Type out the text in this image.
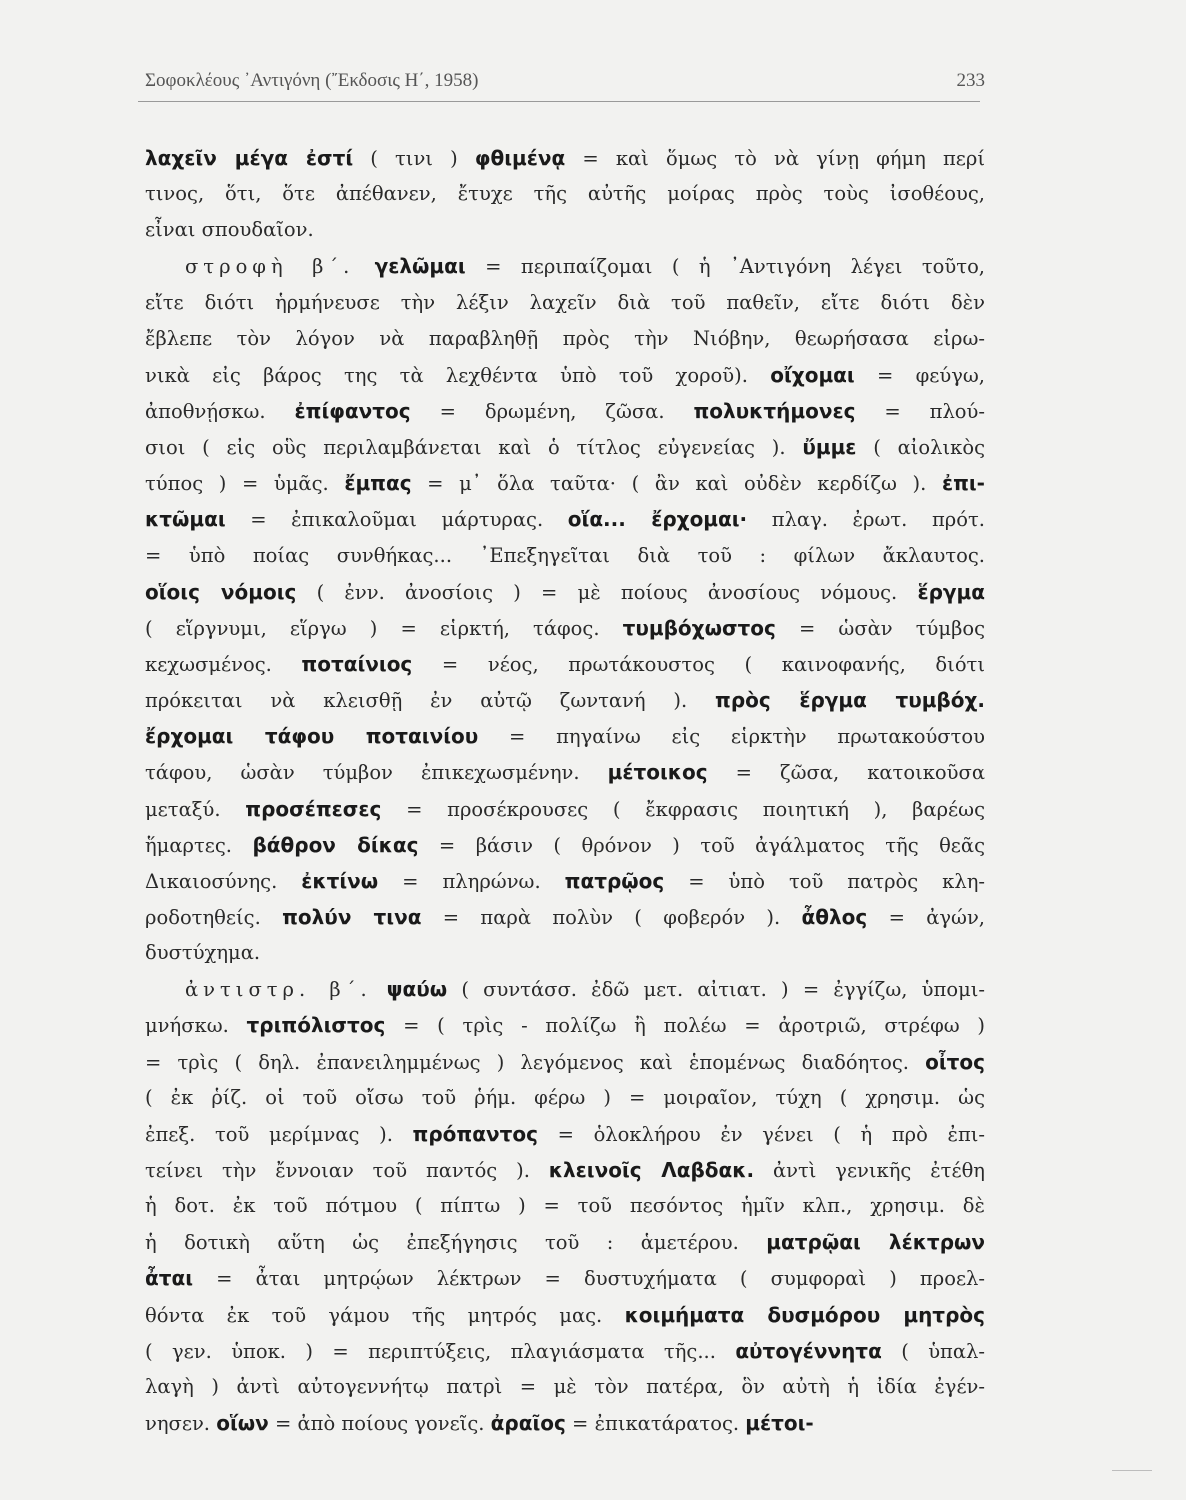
Σοφοκλέους ᾿Αντιγόνη (῎Εκδοσις Η΄, 1958)	233
λαχεῖν μέγα ἐστί ( τινι ) φθιμένᾳ = καὶ ὅμως τὸ νὰ γίνῃ φήμη περί
τινος, ὅτι, ὅτε ἀπέθανεν, ἔτυχε τῆς αὐτῆς μοίρας πρὸς τοὺς ἰσοθέους,
εἶναι σπουδαῖον.
στροφὴ β΄. γελῶμαι = περιπαίζομαι ( ἡ ᾿Αντιγόνη λέγει τοῦτο,
εἴτε διότι ἡρμήνευσε τὴν λέξιν λαχεῖν διὰ τοῦ παθεῖν, εἴτε διότι δὲν
ἔβλεπε τὸν λόγον νὰ παραβληθῇ πρὸς τὴν Νιόβην, θεωρήσασα εἰρω-
νικὰ εἰς βάρος της τὰ λεχθέντα ὑπὸ τοῦ χοροῦ). οἴχομαι = φεύγω,
ἀποθνῄσκω. ἐπίφαντος = δρωμένη, ζῶσα. πολυκτήμονες = πλού-
σιοι ( εἰς οὓς περιλαμβάνεται καὶ ὁ τίτλος εὐγενείας ). ὔμμε ( αἰολικὸς
τύπος ) = ὑμᾶς. ἔμπας = μ᾿ ὅλα ταῦτα· ( ἂν καὶ οὐδὲν κερδίζω ). ἐπι-
κτῶμαι = ἐπικαλοῦμαι μάρτυρας. οἵα... ἔρχομαι· πλαγ. ἐρωτ. πρότ.
= ὑπὸ ποίας συνθήκας... ᾿Επεξηγεῖται διὰ τοῦ : φίλων ἄκλαυτος.
οἵοις νόμοις ( ἐνν. ἀνοσίοις ) = μὲ ποίους ἀνοσίους νόμους. ἕργμα
( εἵργνυμι, εἵργω ) = εἱρκτή, τάφος. τυμβόχωστος = ὡσὰν τύμβος
κεχωσμένος. ποταίνιος = νέος, πρωτάκουστος ( καινοφανής, διότι
πρόκειται νὰ κλεισθῇ ἐν αὐτῷ ζωντανή ). πρὸς ἕργμα τυμβόχ.
ἔρχομαι τάφου ποταινίου = πηγαίνω εἰς εἱρκτὴν πρωτακούστου
τάφου, ὡσὰν τύμβον ἐπικεχωσμένην. μέτοικος = ζῶσα, κατοικοῦσα
μεταξύ. προσέπεσες = προσέκρουσες ( ἔκφρασις ποιητική ), βαρέως
ἥμαρτες. βάθρον δίκας = βάσιν ( θρόνον ) τοῦ ἀγάλματος τῆς θεᾶς
Δικαιοσύνης. ἐκτίνω = πληρώνω. πατρῷος = ὑπὸ τοῦ πατρὸς κλη-
ροδοτηθείς. πολύν τινα = παρὰ πολὺν ( φοβερόν ). ἆθλος = ἀγών,
δυστύχημα.
ἀντιστρ. β΄. ψαύω ( συντάσσ. ἐδῶ μετ. αἰτιατ. ) = ἐγγίζω, ὑπομι-
μνήσκω. τριπόλιστος = ( τρὶς - πολίζω ἢ πολέω = ἀροτριῶ, στρέφω )
= τρὶς ( δηλ. ἐπανειλημμένως ) λεγόμενος καὶ ἑπομένως διαδόητος. οἶτος
( ἐκ ῥίζ. οἱ τοῦ οἴσω τοῦ ῥήμ. φέρω ) = μοιραῖον, τύχη ( χρησιμ. ὡς
ἐπεξ. τοῦ μερίμνας ). πρόπαντος = ὁλοκλήρου ἐν γένει ( ἡ πρὸ ἐπι-
τείνει τὴν ἔννοιαν τοῦ παντός ). κλεινοῖς Λαβδακ. ἀντὶ γενικῆς ἐτέθη
ἡ δοτ. ἐκ τοῦ πότμου ( πίπτω ) = τοῦ πεσόντος ἡμῖν κλπ., χρησιμ. δὲ
ἡ δοτικὴ αὕτη ὡς ἐπεξήγησις τοῦ : ἁμετέρου. ματρῷαι λέκτρων
ἆται = ἆται μητρῴων λέκτρων = δυστυχήματα ( συμφοραὶ ) προελ-
θόντα ἐκ τοῦ γάμου τῆς μητρός μας. κοιμήματα δυσμόρου μητρὸς
( γεν. ὑποκ. ) = περιπτύξεις, πλαγιάσματα τῆς... αὐτογέννητα ( ὑπαλ-
λαγὴ ) ἀντὶ αὐτογεννήτῳ πατρὶ = μὲ τὸν πατέρα, ὃν αὐτὴ ἡ ἰδία ἐγέν-
νησεν. οἵων = ἀπὸ ποίους γονεῖς. ἀραῖος = ἐπικατάρατος. μέτοι-
